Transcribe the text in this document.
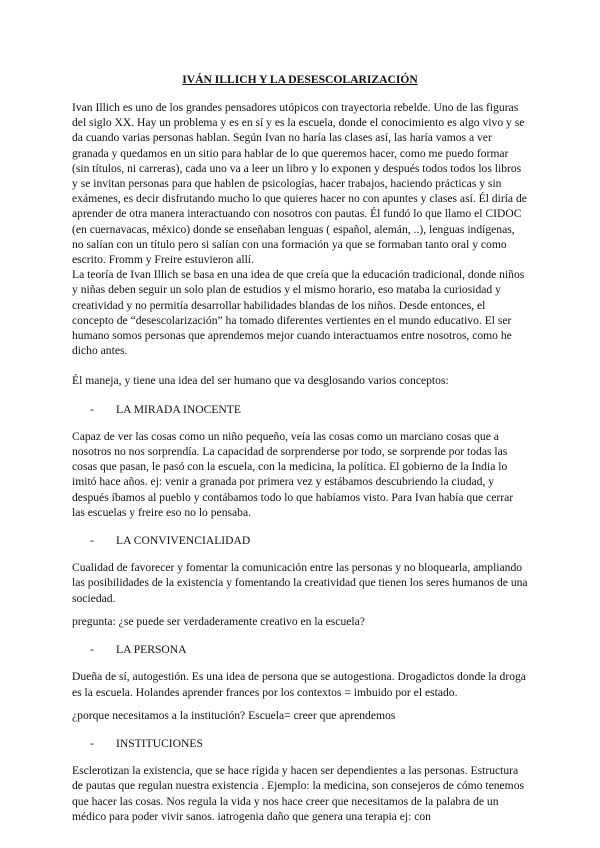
IVÁN ILLICH Y LA DESESCOLARIZACIÓN

Ivan Illich es uno de los grandes pensadores utópicos con trayectoria rebelde. Uno de las figuras del siglo XX. Hay un problema y es en sí y es la escuela, donde el conocimiento es algo vivo y se da cuando varias personas hablan. Según Ivan no haría las clases así, las haría vamos a ver granada y quedamos en un sitio para hablar de lo que queremos hacer, como me puedo formar (sin títulos, ni carreras), cada uno va a leer un libro y lo exponen y después todos todos los libros y se invitan personas para que hablen de psicologías, hacer trabajos, haciendo prácticas y sin exámenes, es decir disfrutando mucho lo que quieres hacer no con apuntes y clases así. Él diría de aprender de otra manera interactuando con nosotros con pautas. Él fundó lo que llamo el CIDOC (en cuernavacas, méxico) donde se enseñaban lenguas ( español, alemán, ..), lenguas indígenas, no salían con un título pero si salían con una formación ya que se formaban tanto oral y como escrito. Fromm y Freire estuvieron allí.

La teoría de Ivan Illich se basa en una idea de que creía que la educación tradicional, donde niños y niñas deben seguir un solo plan de estudios y el mismo horario, eso mataba la curiosidad y creatividad y no permitía desarrollar habilidades blandas de los niños. Desde entonces, el concepto de “desescolarización” ha tomado diferentes vertientes en el mundo educativo. El ser humano somos personas que aprendemos mejor cuando interactuamos entre nosotros, como he dicho antes.

Él maneja, y tiene una idea del ser humano que va desglosando varios conceptos:

-	LA MIRADA INOCENTE

Capaz de ver las cosas como un niño pequeño, veía las cosas como un marciano cosas que a nosotros no nos sorprendía. La capacidad de sorprenderse por todo, se sorprende por todas las cosas que pasan, le pasó con la escuela, con la medicina, la política. El gobierno de la India lo imitó hace años. ej: venir a granada por primera vez y estábamos descubriendo la ciudad, y después íbamos al pueblo y contábamos todo lo que habíamos visto. Para Ivan había que cerrar las escuelas y freire eso no lo pensaba.

-	LA CONVIVENCIALIDAD

Cualidad de favorecer y fomentar la comunicación entre las personas y no bloquearla, ampliando las posibilidades de la existencia y fomentando la creatividad que tienen los seres humanos de una sociedad.

pregunta: ¿se puede ser verdaderamente creativo en la escuela?

-	LA PERSONA

Dueña de sí, autogestión. Es una idea de persona que se autogestiona. Drogadictos donde la droga es la escuela. Holandes aprender frances por los contextos = imbuido por el estado.

¿porque necesitamos a la institución? Escuela= creer que aprendemos

-	INSTITUCIONES

Esclerotizan la existencia, que se hace rígida y hacen ser dependientes a las personas. Estructura de pautas que regulan nuestra existencia . Ejemplo: la medicina, son consejeros de cómo tenemos que hacer las cosas. Nos regula la vida y nos hace creer que necesitamos de la palabra de un médico para poder vivir sanos. iatrogenia daño que genera una terapia ej: con
